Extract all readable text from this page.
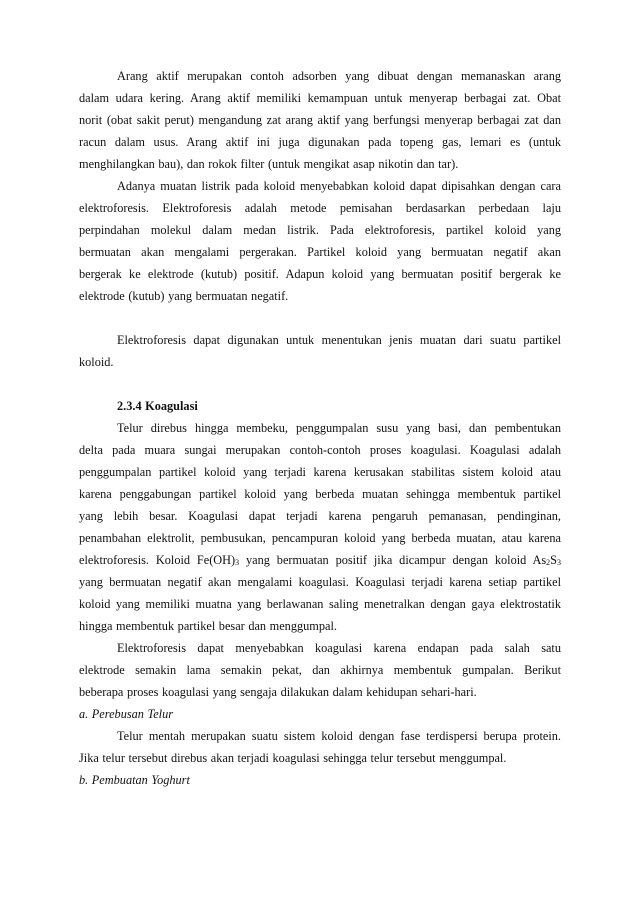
Arang aktif merupakan contoh adsorben yang dibuat dengan memanaskan arang
dalam udara kering. Arang aktif memiliki kemampuan untuk menyerap berbagai zat. Obat
norit (obat sakit perut) mengandung zat arang aktif yang berfungsi menyerap berbagai zat dan
racun dalam usus. Arang aktif ini juga digunakan pada topeng gas, lemari es (untuk
menghilangkan bau), dan rokok filter (untuk mengikat asap nikotin dan tar).
Adanya muatan listrik pada koloid menyebabkan koloid dapat dipisahkan dengan cara
elektroforesis. Elektroforesis adalah metode pemisahan berdasarkan perbedaan laju
perpindahan molekul dalam medan listrik. Pada elektroforesis, partikel koloid yang
bermuatan akan mengalami pergerakan. Partikel koloid yang bermuatan negatif akan
bergerak ke elektrode (kutub) positif. Adapun koloid yang bermuatan positif bergerak ke
elektrode (kutub) yang bermuatan negatif.
Elektroforesis dapat digunakan untuk menentukan jenis muatan dari suatu partikel
koloid.
2.3.4 Koagulasi
Telur direbus hingga membeku, penggumpalan susu yang basi, dan pembentukan
delta pada muara sungai merupakan contoh-contoh proses koagulasi. Koagulasi adalah
penggumpalan partikel koloid yang terjadi karena kerusakan stabilitas sistem koloid atau
karena penggabungan partikel koloid yang berbeda muatan sehingga membentuk partikel
yang lebih besar. Koagulasi dapat terjadi karena pengaruh pemanasan, pendinginan,
penambahan elektrolit, pembusukan, pencampuran koloid yang berbeda muatan, atau karena
elektroforesis. Koloid Fe(OH)3 yang bermuatan positif jika dicampur dengan koloid As2S3
yang bermuatan negatif akan mengalami koagulasi. Koagulasi terjadi karena setiap partikel
koloid yang memiliki muatna yang berlawanan saling menetralkan dengan gaya elektrostatik
hingga membentuk partikel besar dan menggumpal.
Elektroforesis dapat menyebabkan koagulasi karena endapan pada salah satu
elektrode semakin lama semakin pekat, dan akhirnya membentuk gumpalan. Berikut
beberapa proses koagulasi yang sengaja dilakukan dalam kehidupan sehari-hari.
a. Perebusan Telur
Telur mentah merupakan suatu sistem koloid dengan fase terdispersi berupa protein.
Jika telur tersebut direbus akan terjadi koagulasi sehingga telur tersebut menggumpal.
b. Pembuatan Yoghurt
